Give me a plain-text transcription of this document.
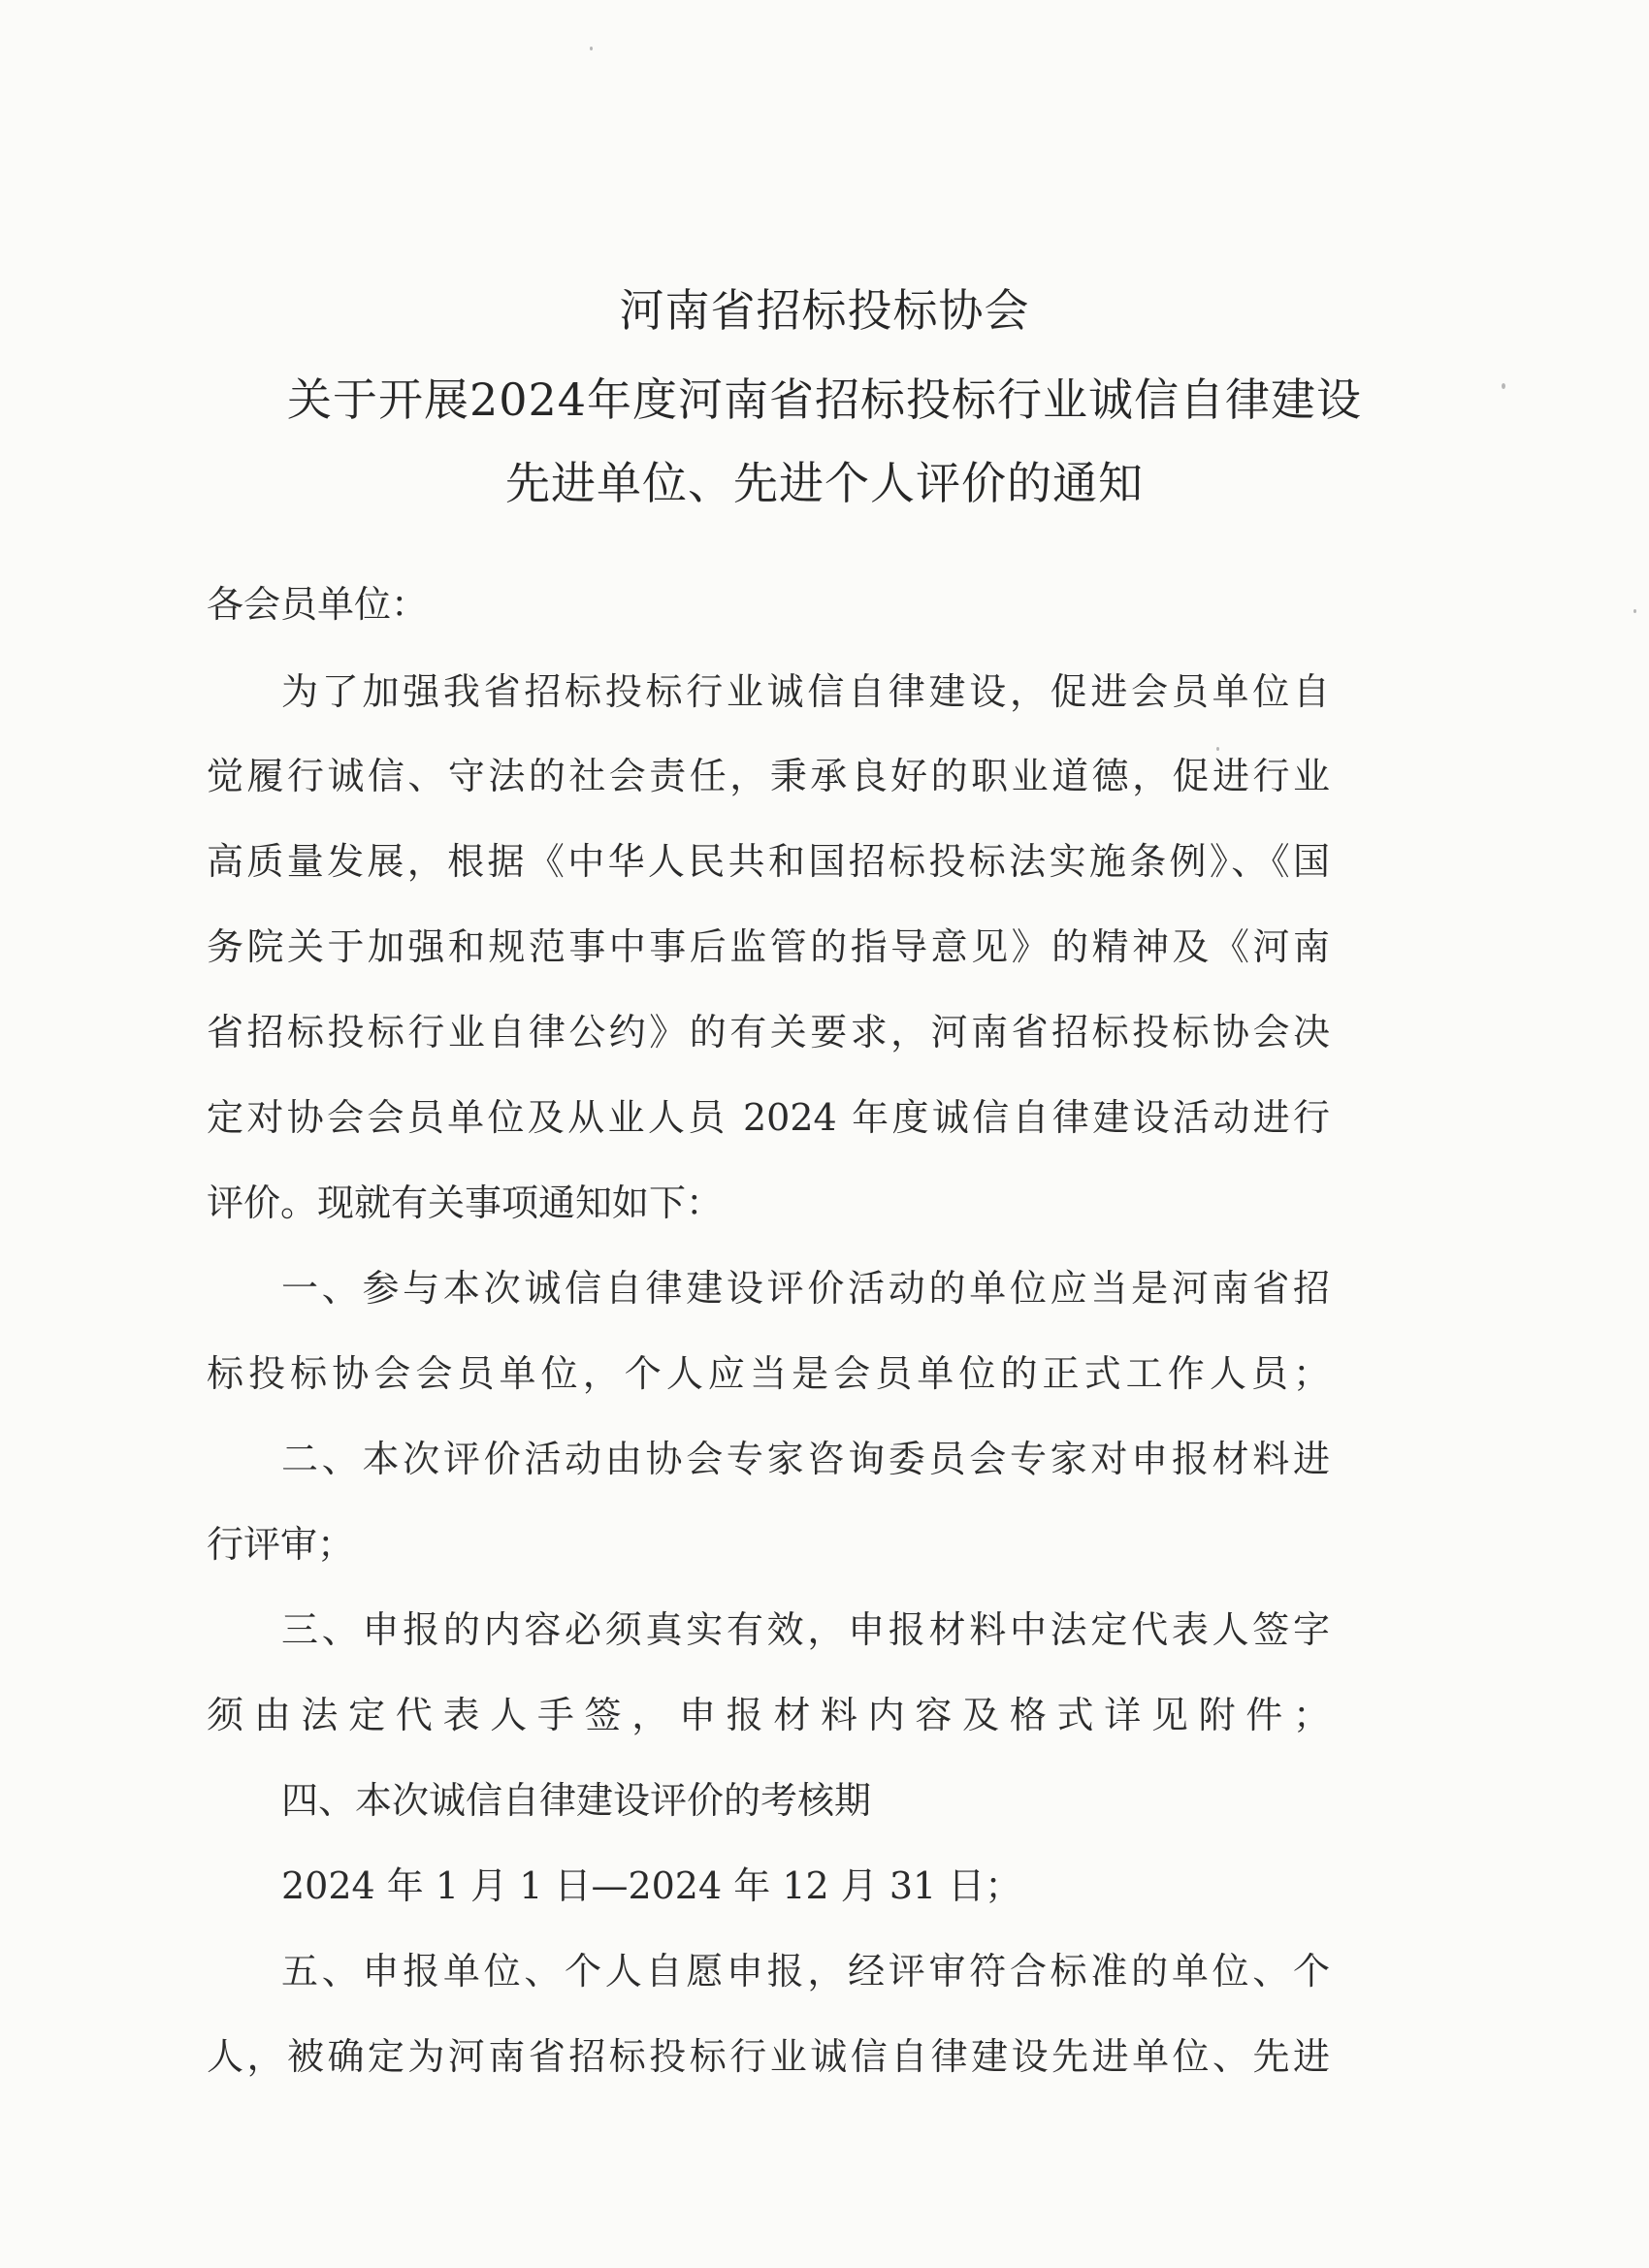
河南省招标投标协会
关于开展2024年度河南省招标投标行业诚信自律建设
先进单位、先进个人评价的通知
各会员单位：
为了加强我省招标投标行业诚信自律建设，促进会员单位自
觉履行诚信、守法的社会责任，秉承良好的职业道德，促进行业
高质量发展，根据《中华人民共和国招标投标法实施条例》、《国
务院关于加强和规范事中事后监管的指导意见》的精神及《河南
省招标投标行业自律公约》的有关要求，河南省招标投标协会决
定对协会会员单位及从业人员 2024 年度诚信自律建设活动进行
评价。现就有关事项通知如下：
一、参与本次诚信自律建设评价活动的单位应当是河南省招
标投标协会会员单位，个人应当是会员单位的正式工作人员；
二、本次评价活动由协会专家咨询委员会专家对申报材料进
行评审；
三、申报的内容必须真实有效，申报材料中法定代表人签字
须由法定代表人手签，申报材料内容及格式详见附件；
四、本次诚信自律建设评价的考核期
2024 年 1 月 1 日—2024 年 12 月 31 日；
五、申报单位、个人自愿申报，经评审符合标准的单位、个
人，被确定为河南省招标投标行业诚信自律建设先进单位、先进
